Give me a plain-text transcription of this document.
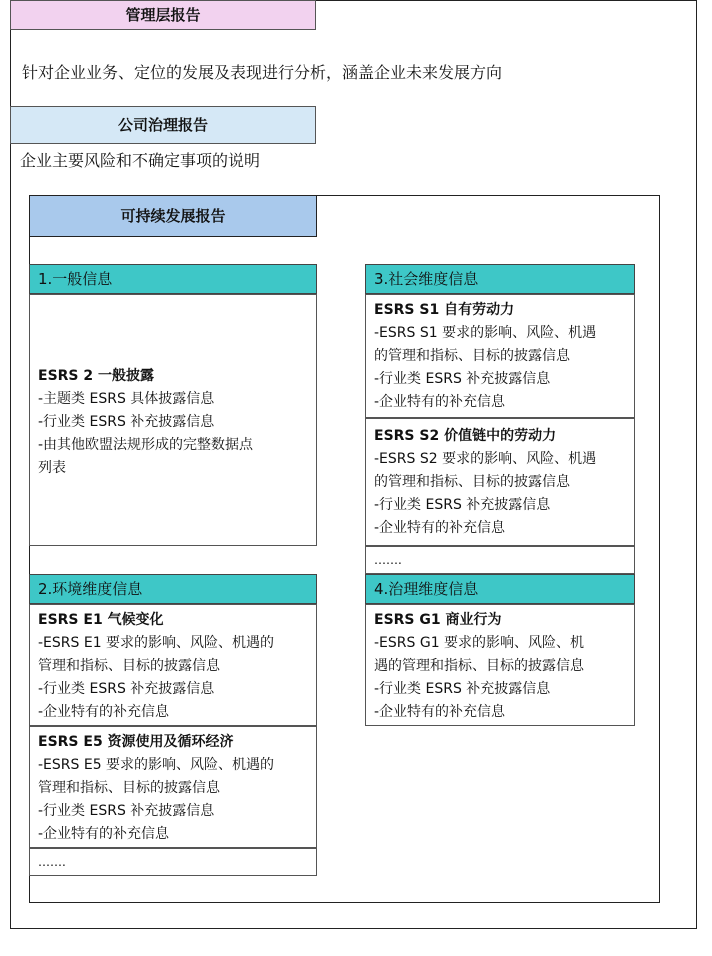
管理层报告
针对企业业务、定位的发展及表现进行分析，涵盖企业未来发展方向
公司治理报告
企业主要风险和不确定事项的说明
可持续发展报告
1.一般信息
ESRS 2 一般披露
-主题类 ESRS 具体披露信息
-行业类 ESRS 补充披露信息
-由其他欧盟法规形成的完整数据点
列表
2.环境维度信息
ESRS E1 气候变化
-ESRS E1 要求的影响、风险、机遇的
管理和指标、目标的披露信息
-行业类 ESRS 补充披露信息
-企业特有的补充信息
ESRS E5 资源使用及循环经济
-ESRS E5 要求的影响、风险、机遇的
管理和指标、目标的披露信息
-行业类 ESRS 补充披露信息
-企业特有的补充信息
…….
3.社会维度信息
ESRS S1 自有劳动力
-ESRS S1 要求的影响、风险、机遇
的管理和指标、目标的披露信息
-行业类 ESRS 补充披露信息
-企业特有的补充信息
ESRS S2 价值链中的劳动力
-ESRS S2 要求的影响、风险、机遇
的管理和指标、目标的披露信息
-行业类 ESRS 补充披露信息
-企业特有的补充信息
…….
4.治理维度信息
ESRS G1 商业行为
-ESRS G1 要求的影响、风险、机
遇的管理和指标、目标的披露信息
-行业类 ESRS 补充披露信息
-企业特有的补充信息
